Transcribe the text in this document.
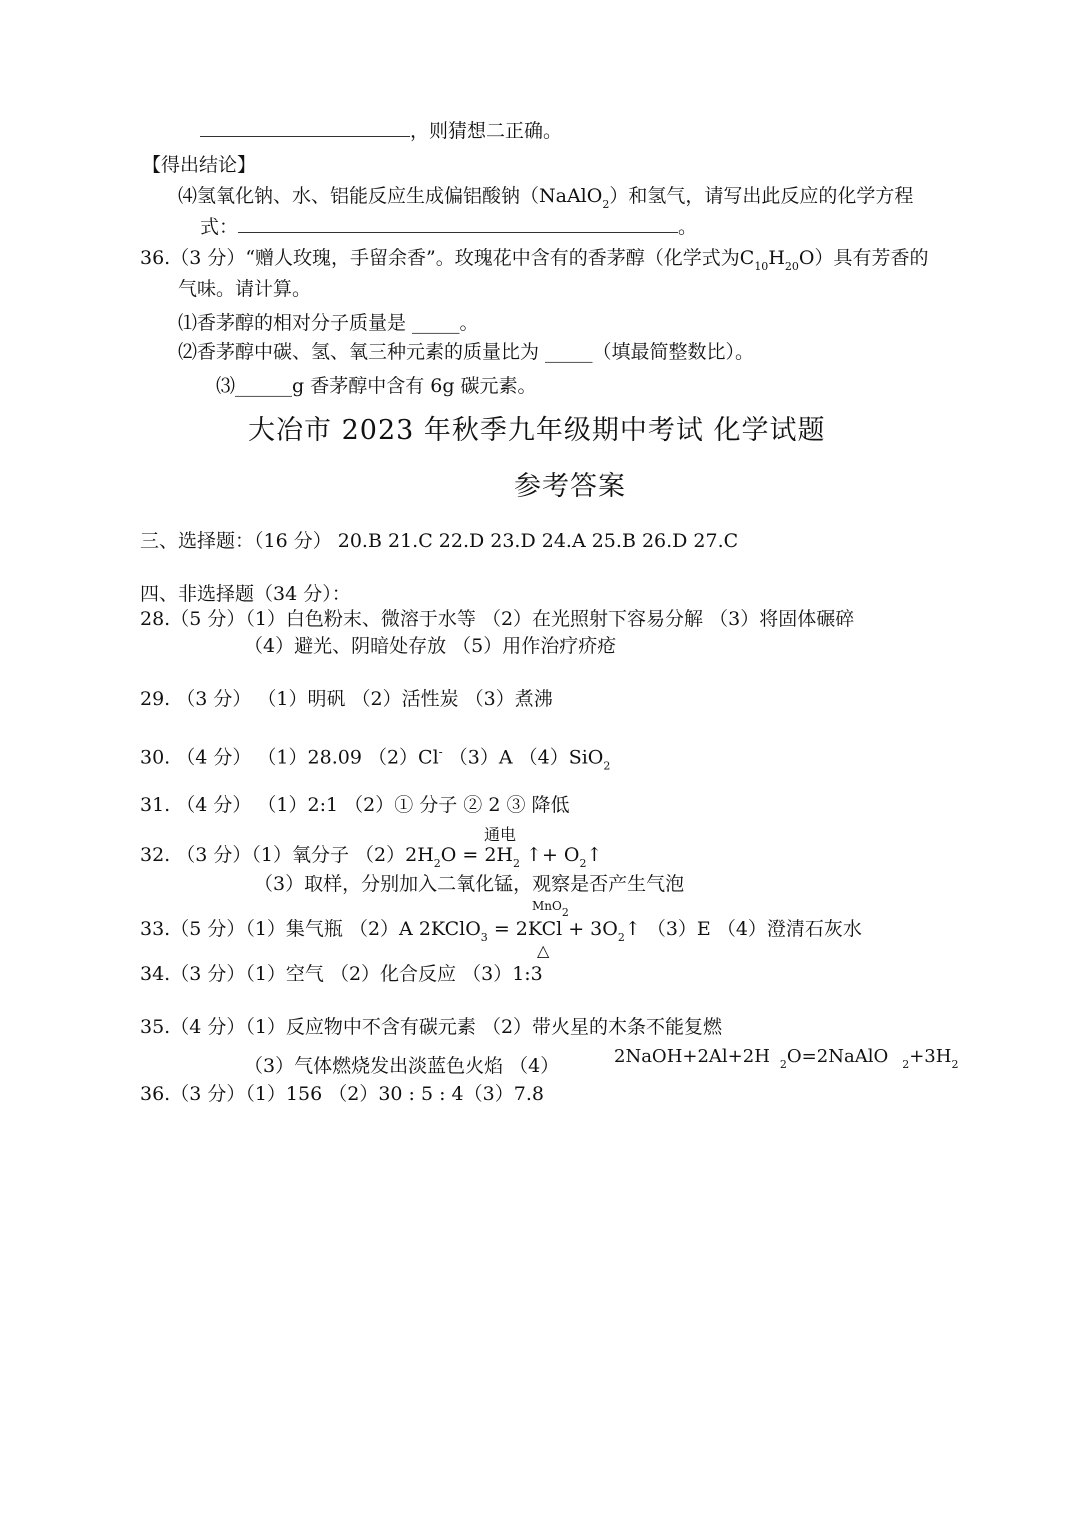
，则猜想二正确。
【得出结论】
⑷氢氧化钠、水、铝能反应生成偏铝酸钠（NaAlO$_2$）和氢气，请写出此反应的化学方程
式：	。
36.（3 分）“赠人玫瑰，手留余香”。玫瑰花中含有的香茅醇（化学式为$C_{10}H_{20}O$）具有芳香的
气味。请计算。
⑴香茅醇的相对分子质量是 _____。
⑵香茅醇中碳、氢、氧三种元素的质量比为 _____（填最简整数比）。
⑶______g 香茅醇中含有 6g 碳元素。
大冶市 2023 年秋季九年级期中考试 化学试题
参考答案
三、选择题：（16 分） 20.B 21.C 22.D 23.D 24.A 25.B 26.D 27.C
四、非选择题（34 分）：
28.（5 分）（1）白色粉末、微溶于水等 （2）在光照射下容易分解 （3）将固体碾碎
（4）避光、阴暗处存放 （5）用作治疗疥疮
29. （3 分） （1）明矾 （2）活性炭 （3）煮沸
30. （4 分） （1）28.09 （2）Cl- （3）A （4）SiO$_2$
31. （4 分） （1）2:1 （2）① 分子 ② 2 ③ 降低
通电
32. （3 分）（1）氧分子 $(2)2H_2O = 2H_2$ ↑+ $O_2↑$
（3）取样，分别加入二氧化锰，观察是否产生气泡
MnO$_2$
33.（5 分）（1）集气瓶 （2）A 2KClO$_3$ = $2KCl + 3O_2↑$ （3）E （4）澄清石灰水
△
34.（3 分）（1）空气 （2）化合反应 （3）1:3
35.（4 分）（1）反应物中不含有碳元素 （2）带火星的木条不能复燃
（3）气体燃烧发出淡蓝色火焰 （4）	2NaOH+2Al+2H $_2$O=2NaAlO $_2+3H_2$
36.（3 分）（1）156 （2）30 : 5 : 4（3）7.8
